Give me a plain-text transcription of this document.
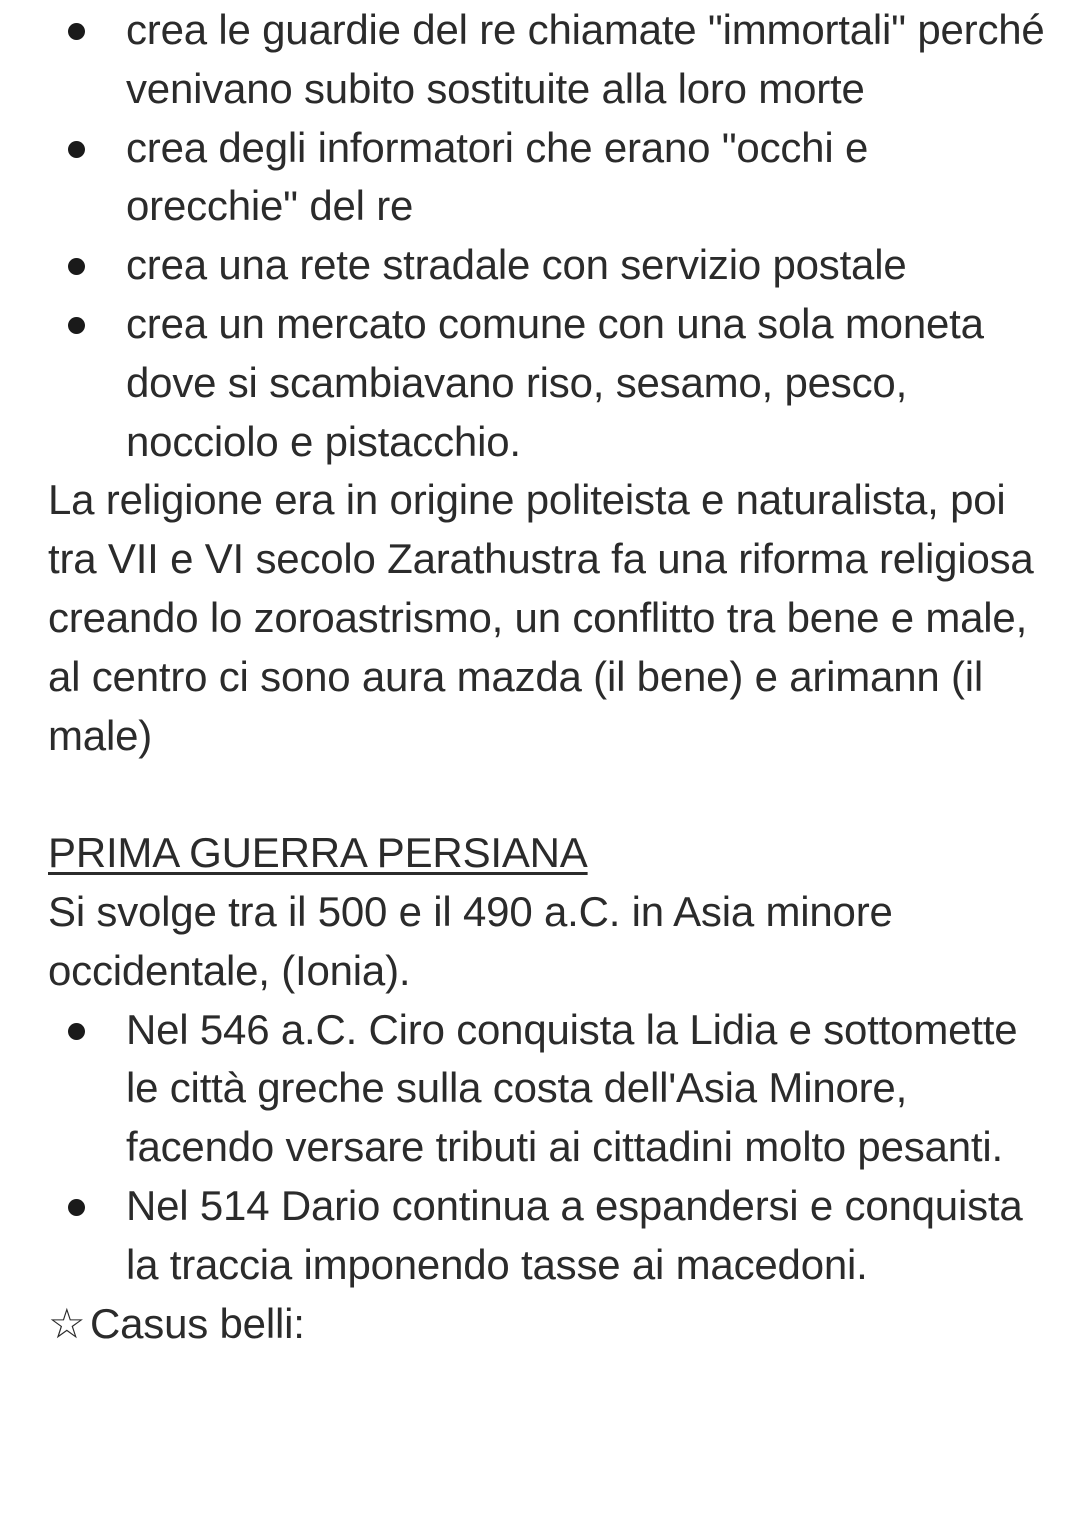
crea le guardie del re chiamate "immortali" perché venivano subito sostituite alla loro morte
crea degli informatori che erano "occhi e orecchie" del re
crea una rete stradale con servizio postale
crea un mercato comune con una sola moneta dove si scambiavano riso, sesamo, pesco, nocciolo e pistacchio.

La religione era in origine politeista e naturalista, poi tra VII e VI secolo Zarathustra fa una riforma religiosa creando lo zoroastrismo, un conflitto tra bene e male, al centro ci sono aura mazda (il bene) e arimann (il male)

PRIMA GUERRA PERSIANA

Si svolge tra il 500 e il 490 a.C. in Asia minore occidentale, (Ionia).

Nel 546 a.C. Ciro conquista la Lidia e sottomette le città greche sulla costa dell'Asia Minore, facendo versare tributi ai cittadini molto pesanti.
Nel 514 Dario continua a espandersi e conquista la traccia imponendo tasse ai macedoni.

☆ Casus belli:
